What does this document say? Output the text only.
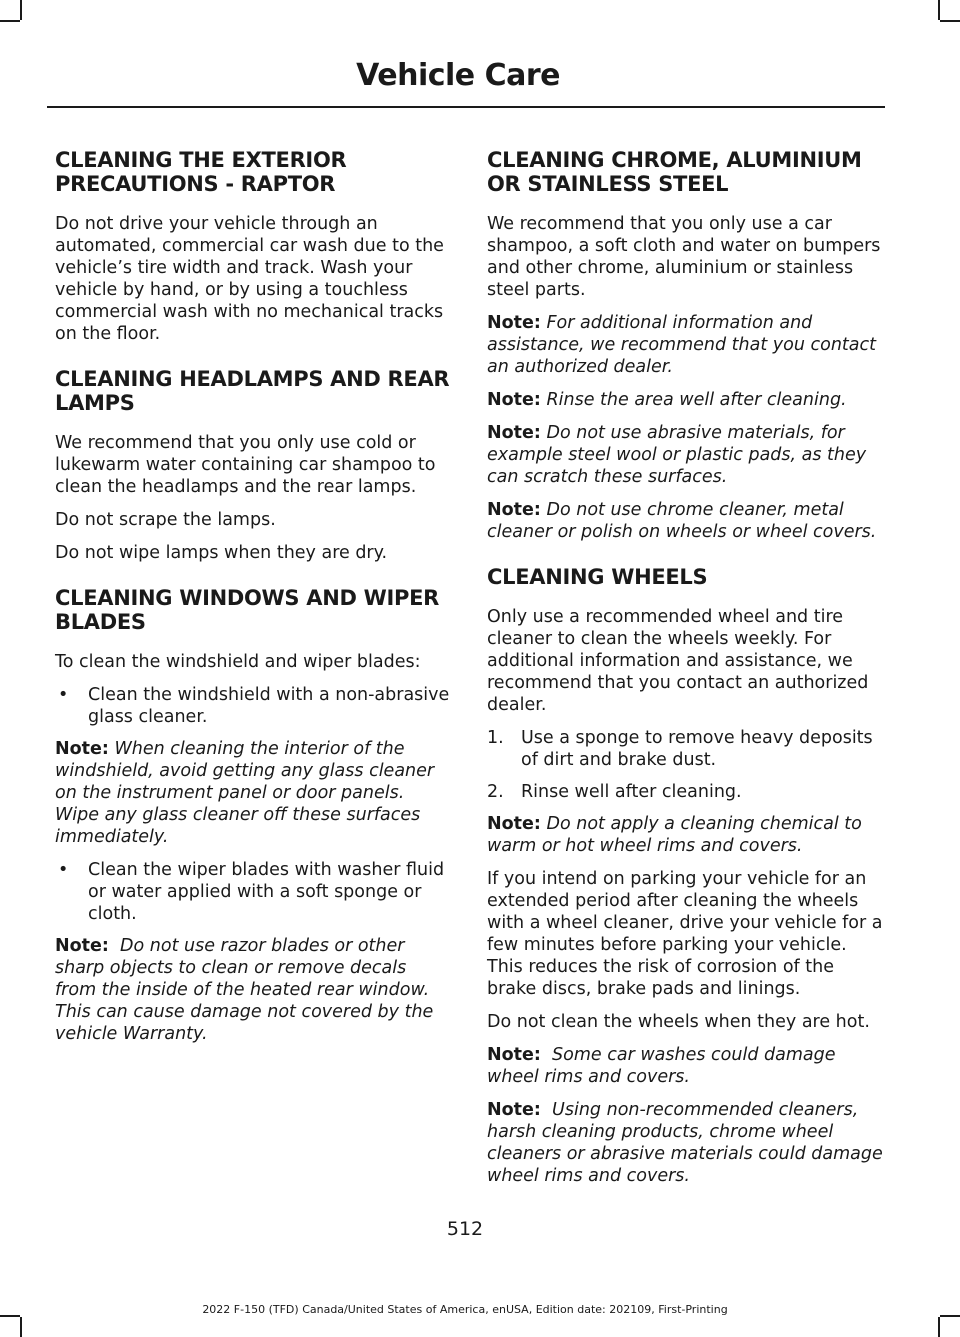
Vehicle Care
CLEANING THE EXTERIOR PRECAUTIONS - RAPTOR

Do not drive your vehicle through an automated, commercial car wash due to the vehicle’s tire width and track. Wash your vehicle by hand, or by using a touchless commercial wash with no mechanical tracks on the floor.

CLEANING HEADLAMPS AND REAR LAMPS

We recommend that you only use cold or lukewarm water containing car shampoo to clean the headlamps and the rear lamps.

Do not scrape the lamps.

Do not wipe lamps when they are dry.

CLEANING WINDOWS AND WIPER BLADES

To clean the windshield and wiper blades:

• Clean the windshield with a non-abrasive glass cleaner.

Note: When cleaning the interior of the windshield, avoid getting any glass cleaner on the instrument panel or door panels. Wipe any glass cleaner off these surfaces immediately.

• Clean the wiper blades with washer fluid or water applied with a soft sponge or cloth.

Note: Do not use razor blades or other sharp objects to clean or remove decals from the inside of the heated rear window. This can cause damage not covered by the vehicle Warranty.

CLEANING CHROME, ALUMINIUM OR STAINLESS STEEL

We recommend that you only use a car shampoo, a soft cloth and water on bumpers and other chrome, aluminium or stainless steel parts.

Note: For additional information and assistance, we recommend that you contact an authorized dealer.

Note: Rinse the area well after cleaning.

Note: Do not use abrasive materials, for example steel wool or plastic pads, as they can scratch these surfaces.

Note: Do not use chrome cleaner, metal cleaner or polish on wheels or wheel covers.

CLEANING WHEELS

Only use a recommended wheel and tire cleaner to clean the wheels weekly. For additional information and assistance, we recommend that you contact an authorized dealer.

1. Use a sponge to remove heavy deposits of dirt and brake dust.
2. Rinse well after cleaning.

Note: Do not apply a cleaning chemical to warm or hot wheel rims and covers.

If you intend on parking your vehicle for an extended period after cleaning the wheels with a wheel cleaner, drive your vehicle for a few minutes before parking your vehicle. This reduces the risk of corrosion of the brake discs, brake pads and linings.

Do not clean the wheels when they are hot.

Note: Some car washes could damage wheel rims and covers.

Note: Using non-recommended cleaners, harsh cleaning products, chrome wheel cleaners or abrasive materials could damage wheel rims and covers.

512
2022 F-150 (TFD) Canada/United States of America, enUSA, Edition date: 202109, First-Printing
